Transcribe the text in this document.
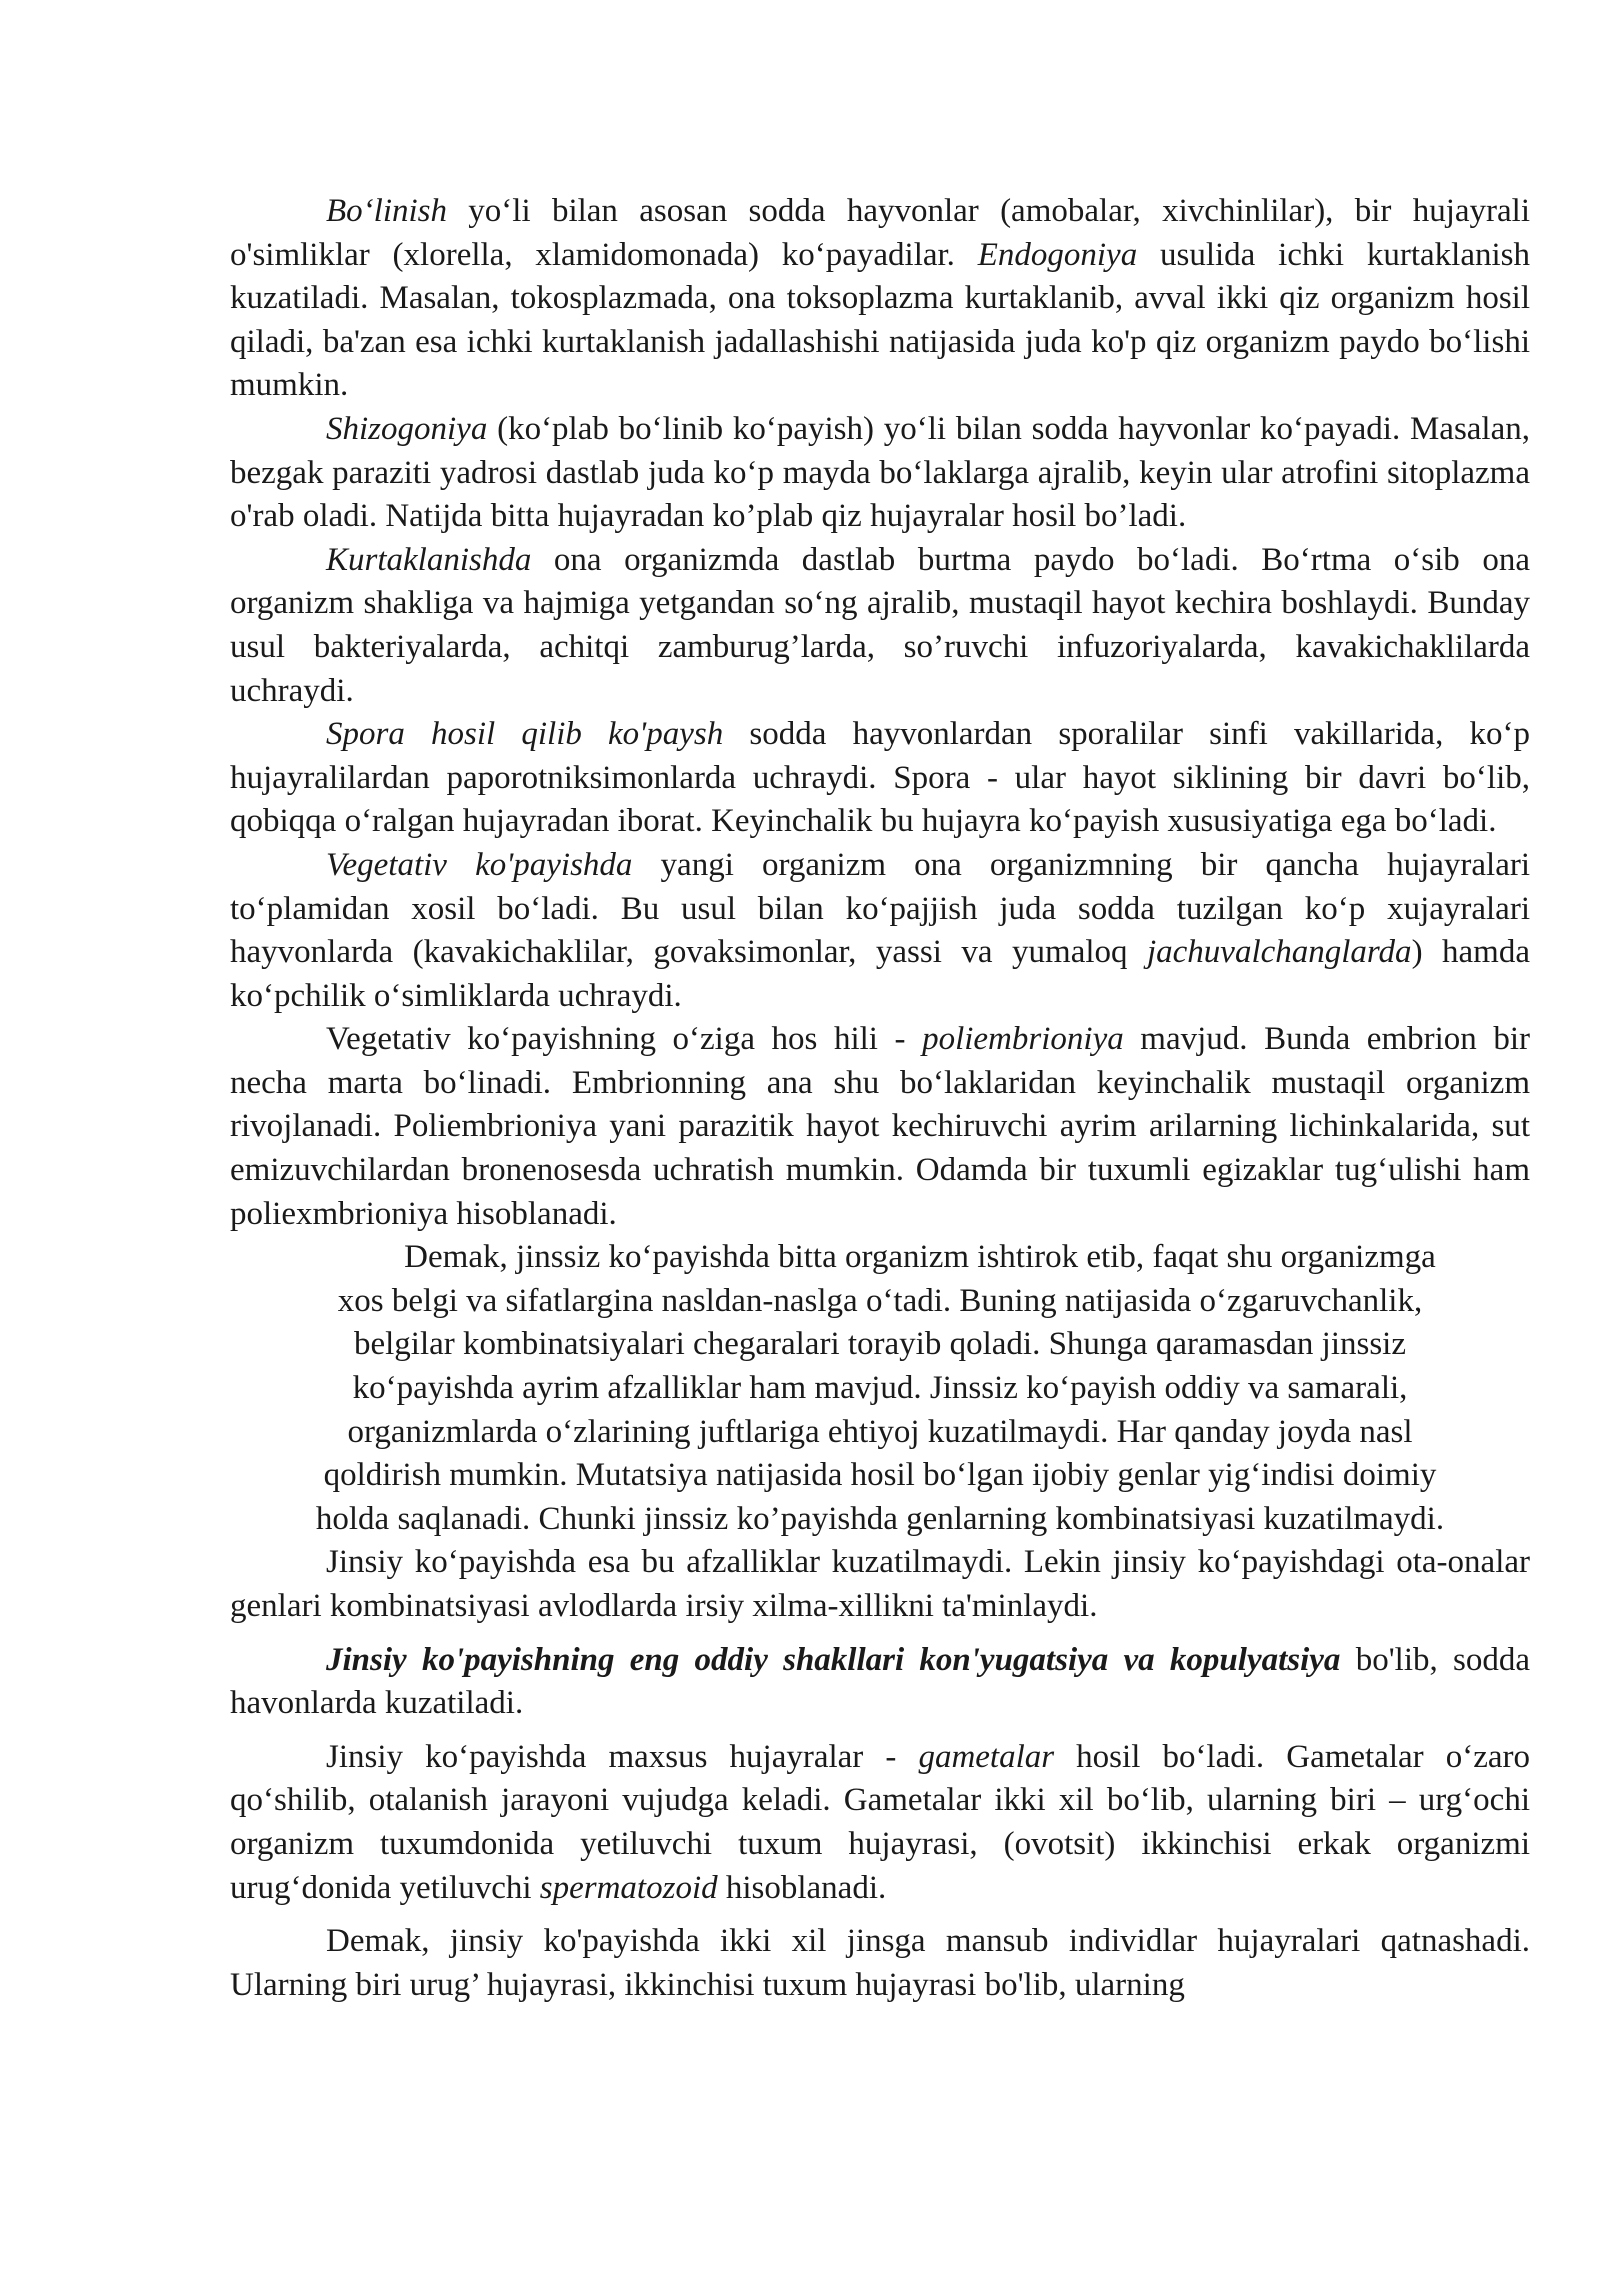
Bo‘linish yo‘li bilan asosan sodda hayvonlar (amobalar, xivchinlilar), bir hujayrali o'simliklar (xlorella, xlamidomonada) ko‘payadilar. Endogoniya usulida ichki kurtaklanish kuzatiladi. Masalan, tokosplazmada, ona toksoplazma kurtaklanib, avval ikki qiz organizm hosil qiladi, ba'zan esa ichki kurtaklanish jadallashishi natijasida juda ko'p qiz organizm paydo bo‘lishi mumkin.

Shizogoniya (ko‘plab bo‘linib ko‘payish) yo‘li bilan sodda hayvonlar ko‘payadi. Masalan, bezgak paraziti yadrosi dastlab juda ko‘p mayda bo‘laklarga ajralib, keyin ular atrofini sitoplazma o'rab oladi. Natijda bitta hujayradan ko’plab qiz hujayralar hosil bo’ladi.

Kurtaklanishda ona organizmda dastlab burtma paydo bo‘ladi. Bo‘rtma o‘sib ona organizm shakliga va hajmiga yetgandan so‘ng ajralib, mustaqil hayot kechira boshlaydi. Bunday usul bakteriyalarda, achitqi zamburug’larda, so’ruvchi infuzoriyalarda, kavakichaklilarda uchraydi.

Spora hosil qilib ko'paysh sodda hayvonlardan sporalilar sinfi vakillarida, ko‘p hujayralilardan paporotniksimonlarda uchraydi. Spora - ular hayot siklining bir davri bo‘lib, qobiqqa o‘ralgan hujayradan iborat. Keyinchalik bu hujayra ko‘payish xususiyatiga ega bo‘ladi.

Vegetativ ko'payishda yangi organizm ona organizmning bir qancha hujayralari to‘plamidan xosil bo‘ladi. Bu usul bilan ko‘pajjish juda sodda tuzilgan ko‘p xujayralari hayvonlarda (kavakichaklilar, govaksimonlar, yassi va yumaloq jachuvalchanglarda) hamda ko‘pchilik o‘simliklarda uchraydi.

Vegetativ ko‘payishning o‘ziga hos hili - poliembrioniya mavjud. Bunda embrion bir necha marta bo‘linadi. Embrionning ana shu bo‘laklaridan keyinchalik mustaqil organizm rivojlanadi. Poliembrioniya yani parazitik hayot kechiruvchi ayrim arilarning lichinkalarida, sut emizuvchilardan bronenosesda uchratish mumkin. Odamda bir tuxumli egizaklar tug‘ulishi ham poliexmbrioniya hisoblanadi.

Demak, jinssiz ko‘payishda bitta organizm ishtirok etib, faqat shu organizmga
xos belgi va sifatlargina nasldan-naslga o‘tadi. Buning natijasida o‘zgaruvchanlik,
belgilar kombinatsiyalari chegaralari torayib qoladi. Shunga qaramasdan jinssiz
ko‘payishda ayrim afzalliklar ham mavjud. Jinssiz ko‘payish oddiy va samarali,
organizmlarda o‘zlarining juftlariga ehtiyoj kuzatilmaydi. Har qanday joyda nasl
qoldirish mumkin. Mutatsiya natijasida hosil bo‘lgan ijobiy genlar yig‘indisi doimiy
holda saqlanadi. Chunki jinssiz ko’payishda genlarning kombinatsiyasi kuzatilmaydi.

Jinsiy ko‘payishda esa bu afzalliklar kuzatilmaydi. Lekin jinsiy ko‘payishdagi ota-onalar genlari kombinatsiyasi avlodlarda irsiy xilma-xillikni ta'minlaydi.

Jinsiy ko'payishning eng oddiy shakllari kon'yugatsiya va kopulyatsiya bo'lib, sodda havonlarda kuzatiladi.

Jinsiy ko‘payishda maxsus hujayralar - gametalar hosil bo‘ladi. Gametalar o‘zaro qo‘shilib, otalanish jarayoni vujudga keladi. Gametalar ikki xil bo‘lib, ularning biri – urg‘ochi organizm tuxumdonida yetiluvchi tuxum hujayrasi, (ovotsit) ikkinchisi erkak organizmi urug‘donida yetiluvchi spermatozoid hisoblanadi.

Demak, jinsiy ko'payishda ikki xil jinsga mansub individlar hujayralari qatnashadi. Ularning biri urug’ hujayrasi, ikkinchisi tuxum hujayrasi bo'lib, ularning
